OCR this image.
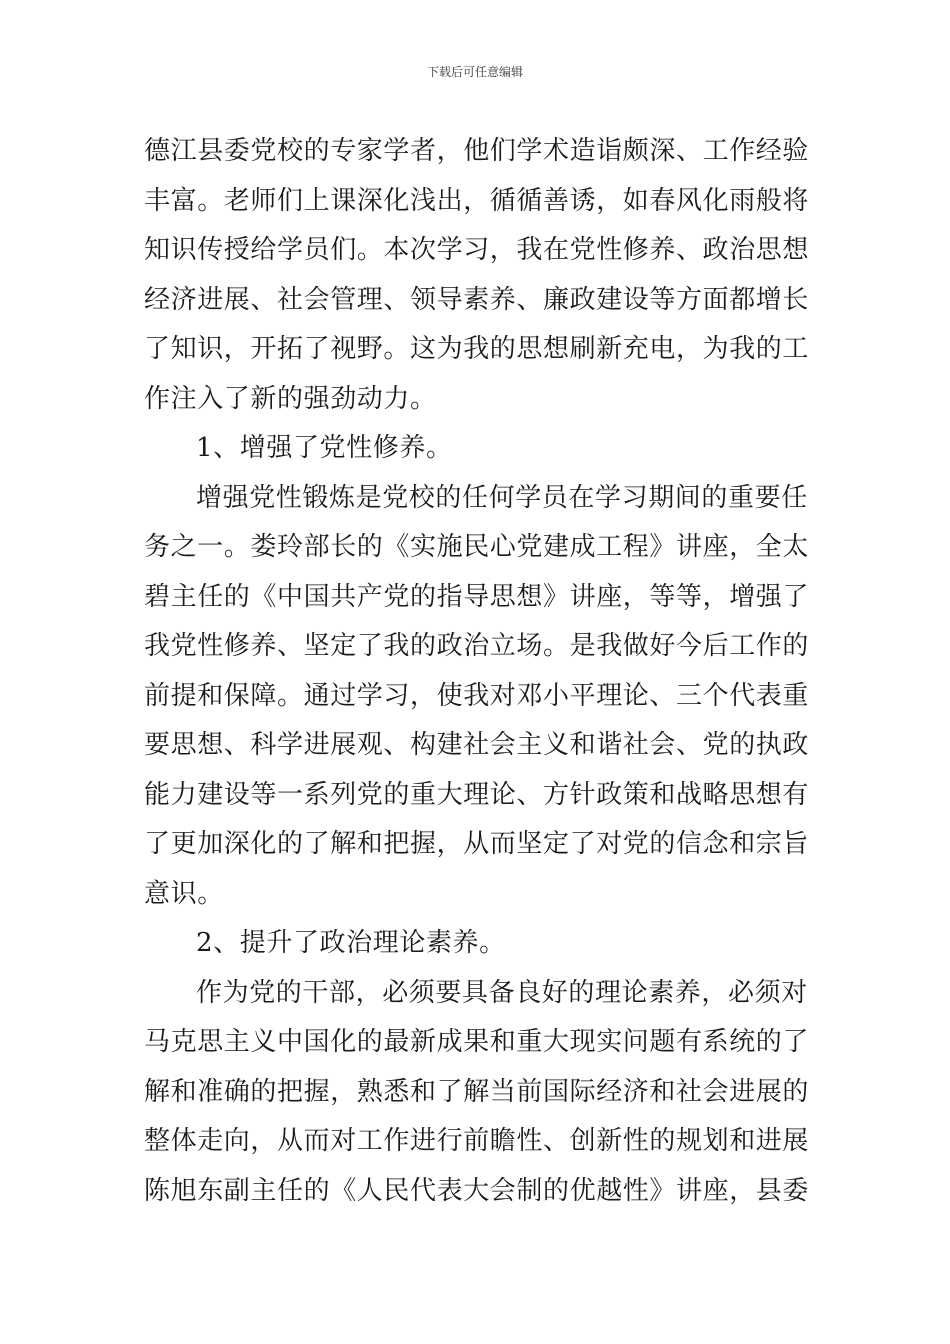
下载后可任意编辑
德江县委党校的专家学者，他们学术造诣颇深、工作经验
丰富。老师们上课深化浅出，循循善诱，如春风化雨般将
知识传授给学员们。本次学习，我在党性修养、政治思想
经济进展、社会管理、领导素养、廉政建设等方面都增长
了知识，开拓了视野。这为我的思想刷新充电，为我的工
作注入了新的强劲动力。
1、增强了党性修养。
增强党性锻炼是党校的任何学员在学习期间的重要任
务之一。娄玲部长的《实施民心党建成工程》讲座，全太
碧主任的《中国共产党的指导思想》讲座，等等，增强了
我党性修养、坚定了我的政治立场。是我做好今后工作的
前提和保障。通过学习，使我对邓小平理论、三个代表重
要思想、科学进展观、构建社会主义和谐社会、党的执政
能力建设等一系列党的重大理论、方针政策和战略思想有
了更加深化的了解和把握，从而坚定了对党的信念和宗旨
意识。
2、提升了政治理论素养。
作为党的干部，必须要具备良好的理论素养，必须对
马克思主义中国化的最新成果和重大现实问题有系统的了
解和准确的把握，熟悉和了解当前国际经济和社会进展的
整体走向，从而对工作进行前瞻性、创新性的规划和进展
陈旭东副主任的《人民代表大会制的优越性》讲座，县委
